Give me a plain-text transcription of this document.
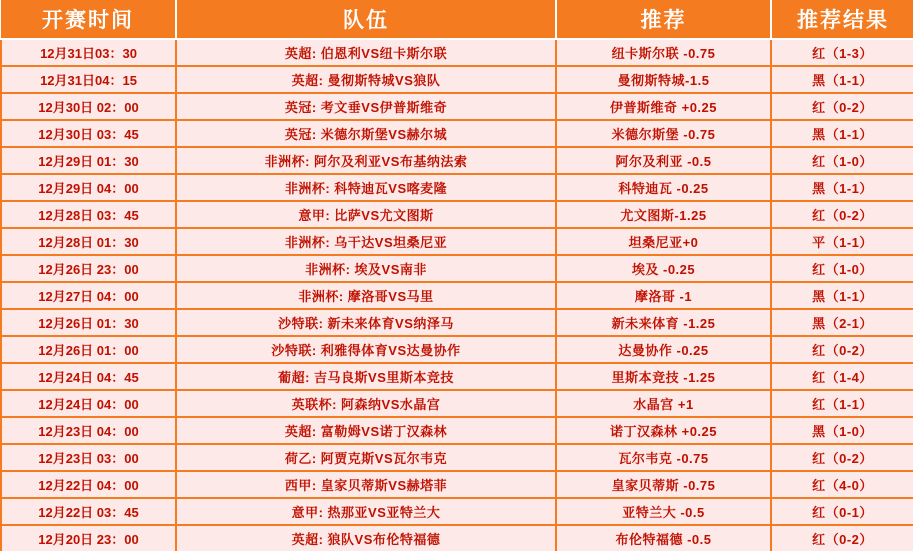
开赛时间	队伍	推荐	推荐结果
12月31日03：30	英超: 伯恩利VS纽卡斯尔联	纽卡斯尔联 -0.75	红（1-3）
12月31日04：15	英超: 曼彻斯特城VS狼队	曼彻斯特城-1.5	黑（1-1）
12月30日 02：00	英冠: 考文垂VS伊普斯维奇	伊普斯维奇 +0.25	红（0-2）
12月30日 03：45	英冠: 米德尔斯堡VS赫尔城	米德尔斯堡 -0.75	黑（1-1）
12月29日 01：30	非洲杯: 阿尔及利亚VS布基纳法索	阿尔及利亚 -0.5	红（1-0）
12月29日 04：00	非洲杯: 科特迪瓦VS喀麦隆	科特迪瓦 -0.25	黑（1-1）
12月28日 03：45	意甲: 比萨VS尤文图斯	尤文图斯-1.25	红（0-2）
12月28日 01：30	非洲杯: 乌干达VS坦桑尼亚	坦桑尼亚+0	平（1-1）
12月26日 23：00	非洲杯: 埃及VS南非	埃及 -0.25	红（1-0）
12月27日 04：00	非洲杯: 摩洛哥VS马里	摩洛哥 -1	黑（1-1）
12月26日 01：30	沙特联: 新未来体育VS纳泽马	新未来体育 -1.25	黑（2-1）
12月26日 01：00	沙特联: 利雅得体育VS达曼协作	达曼协作 -0.25	红（0-2）
12月24日 04：45	葡超: 吉马良斯VS里斯本竞技	里斯本竞技 -1.25	红（1-4）
12月24日 04：00	英联杯: 阿森纳VS水晶宫	水晶宫 +1	红（1-1）
12月23日 04：00	英超: 富勒姆VS诺丁汉森林	诺丁汉森林 +0.25	黑（1-0）
12月23日 03：00	荷乙: 阿贾克斯VS瓦尔韦克	瓦尔韦克 -0.75	红（0-2）
12月22日 04：00	西甲: 皇家贝蒂斯VS赫塔菲	皇家贝蒂斯 -0.75	红（4-0）
12月22日 03：45	意甲: 热那亚VS亚特兰大	亚特兰大 -0.5	红（0-1）
12月20日 23：00	英超: 狼队VS布伦特福德	布伦特福德 -0.5	红（0-2）
